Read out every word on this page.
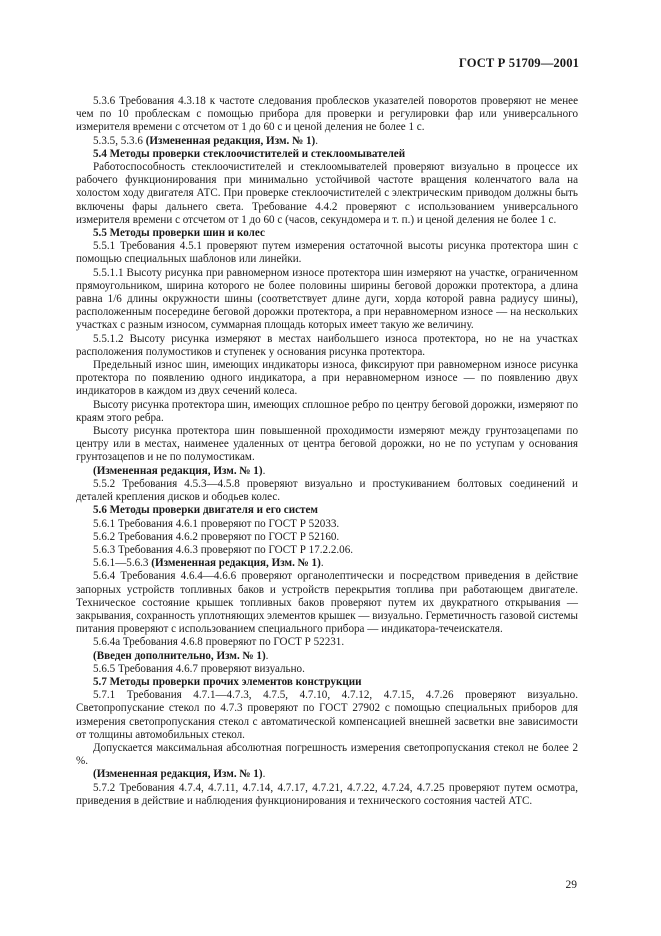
ГОСТ Р 51709—2001

5.3.6 Требования 4.3.18 к частоте следования проблесков указателей поворотов проверяют не менее чем по 10 проблескам с помощью прибора для проверки и регулировки фар или универсального измерителя времени с отсчетом от 1 до 60 с и ценой деления не более 1 с.

5.3.5, 5.3.6 (Измененная редакция, Изм. № 1).

5.4 Методы проверки стеклоочистителей и стеклоомывателей

Работоспособность стеклоочистителей и стеклоомывателей проверяют визуально в процессе их рабочего функционирования при минимально устойчивой частоте вращения коленчатого вала на холостом ходу двигателя АТС. При проверке стеклоочистителей с электрическим приводом должны быть включены фары дальнего света. Требование 4.4.2 проверяют с использованием универсального измерителя времени с отсчетом от 1 до 60 с (часов, секундомера и т. п.) и ценой деления не более 1 с.

5.5 Методы проверки шин и колес

5.5.1 Требования 4.5.1 проверяют путем измерения остаточной высоты рисунка протектора шин с помощью специальных шаблонов или линейки.

5.5.1.1 Высоту рисунка при равномерном износе протектора шин измеряют на участке, ограниченном прямоугольником, ширина которого не более половины ширины беговой дорожки протектора, а длина равна 1/6 длины окружности шины (соответствует длине дуги, хорда которой равна радиусу шины), расположенным посередине беговой дорожки протектора, а при неравномерном износе — на нескольких участках с разным износом, суммарная площадь которых имеет такую же величину.

5.5.1.2 Высоту рисунка измеряют в местах наибольшего износа протектора, но не на участках расположения полумостиков и ступенек у основания рисунка протектора.

Предельный износ шин, имеющих индикаторы износа, фиксируют при равномерном износе рисунка протектора по появлению одного индикатора, а при неравномерном износе — по появлению двух индикаторов в каждом из двух сечений колеса.

Высоту рисунка протектора шин, имеющих сплошное ребро по центру беговой дорожки, измеряют по краям этого ребра.

Высоту рисунка протектора шин повышенной проходимости измеряют между грунтозацепами по центру или в местах, наименее удаленных от центра беговой дорожки, но не по уступам у основания грунтозацепов и не по полумостикам.

(Измененная редакция, Изм. № 1).

5.5.2 Требования 4.5.3—4.5.8 проверяют визуально и простукиванием болтовых соединений и деталей крепления дисков и ободьев колес.

5.6 Методы проверки двигателя и его систем

5.6.1 Требования 4.6.1 проверяют по ГОСТ Р 52033.

5.6.2 Требования 4.6.2 проверяют по ГОСТ Р 52160.

5.6.3 Требования 4.6.3 проверяют по ГОСТ Р 17.2.2.06.

5.6.1—5.6.3 (Измененная редакция, Изм. № 1).

5.6.4 Требования 4.6.4—4.6.6 проверяют органолептически и посредством приведения в действие запорных устройств топливных баков и устройств перекрытия топлива при работающем двигателе. Техническое состояние крышек топливных баков проверяют путем их двукратного открывания — закрывания, сохранность уплотняющих элементов крышек — визуально. Герметичность газовой системы питания проверяют с использованием специального прибора — индикатора-течеискателя.

5.6.4а Требования 4.6.8 проверяют по ГОСТ Р 52231.

(Введен дополнительно, Изм. № 1).

5.6.5 Требования 4.6.7 проверяют визуально.

5.7 Методы проверки прочих элементов конструкции

5.7.1 Требования 4.7.1—4.7.3, 4.7.5, 4.7.10, 4.7.12, 4.7.15, 4.7.26 проверяют визуально. Светопропускание стекол по 4.7.3 проверяют по ГОСТ 27902 с помощью специальных приборов для измерения светопропускания стекол с автоматической компенсацией внешней засветки вне зависимости от толщины автомобильных стекол.

Допускается максимальная абсолютная погрешность измерения светопропускания стекол не более 2 %.

(Измененная редакция, Изм. № 1).

5.7.2 Требования 4.7.4, 4.7.11, 4.7.14, 4.7.17, 4.7.21, 4.7.22, 4.7.24, 4.7.25 проверяют путем осмотра, приведения в действие и наблюдения функционирования и технического состояния частей АТС.

29
